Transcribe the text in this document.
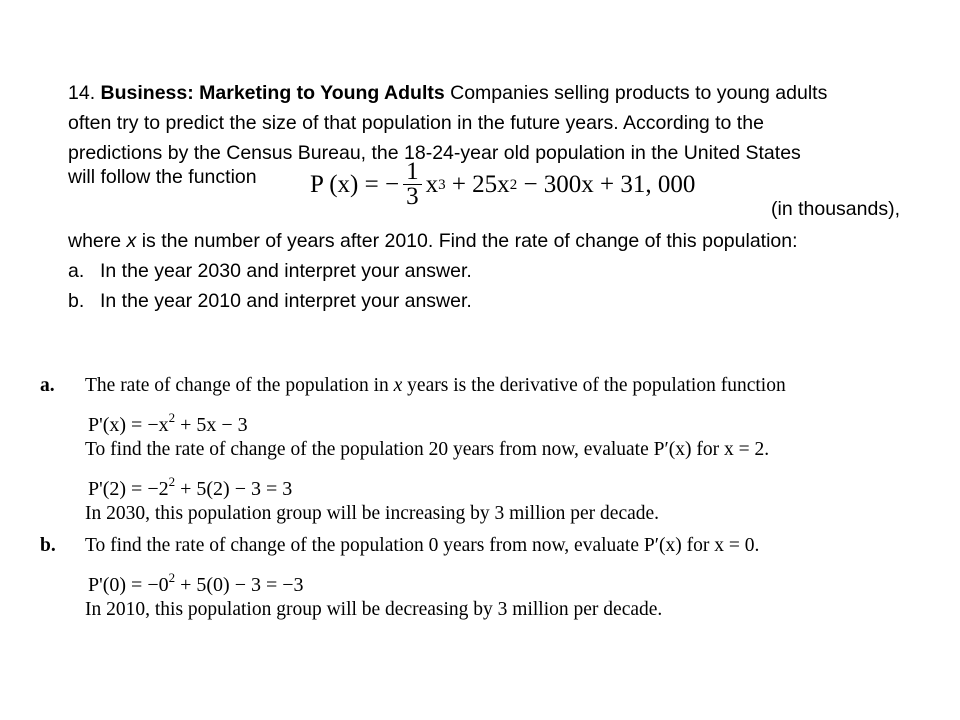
14. Business: Marketing to Young Adults Companies selling products to young adults
often try to predict the size of that population in the future years. According to the
predictions by the Census Bureau, the 18-24-year old population in the United States
will follow the function P (x) = − $\frac{1}{3}$ x 3
+ 25x 2
− 300x + 31, 000
(in thousands),
where x is the number of years after 2010. Find the rate of change of this population:
a. In the year 2030 and interpret your answer.
b. In the year 2010 and interpret your answer.
a.	The rate of change of the population in x years is the derivative of the population function
$P'(x) = -x^2 + 5x - 3$
To find the rate of change of the population 20 years from now, evaluate P′(x) for x = 2.
$P'(2) = -2^2 + 5(2) - 3 = 3$
In 2030, this population group will be increasing by 3 million per decade.
b.	To find the rate of change of the population 0 years from now, evaluate P′(x) for x = 0.
$P'(0) = -0^2 + 5(0) - 3 = -3$
In 2010, this population group will be decreasing by 3 million per decade.
